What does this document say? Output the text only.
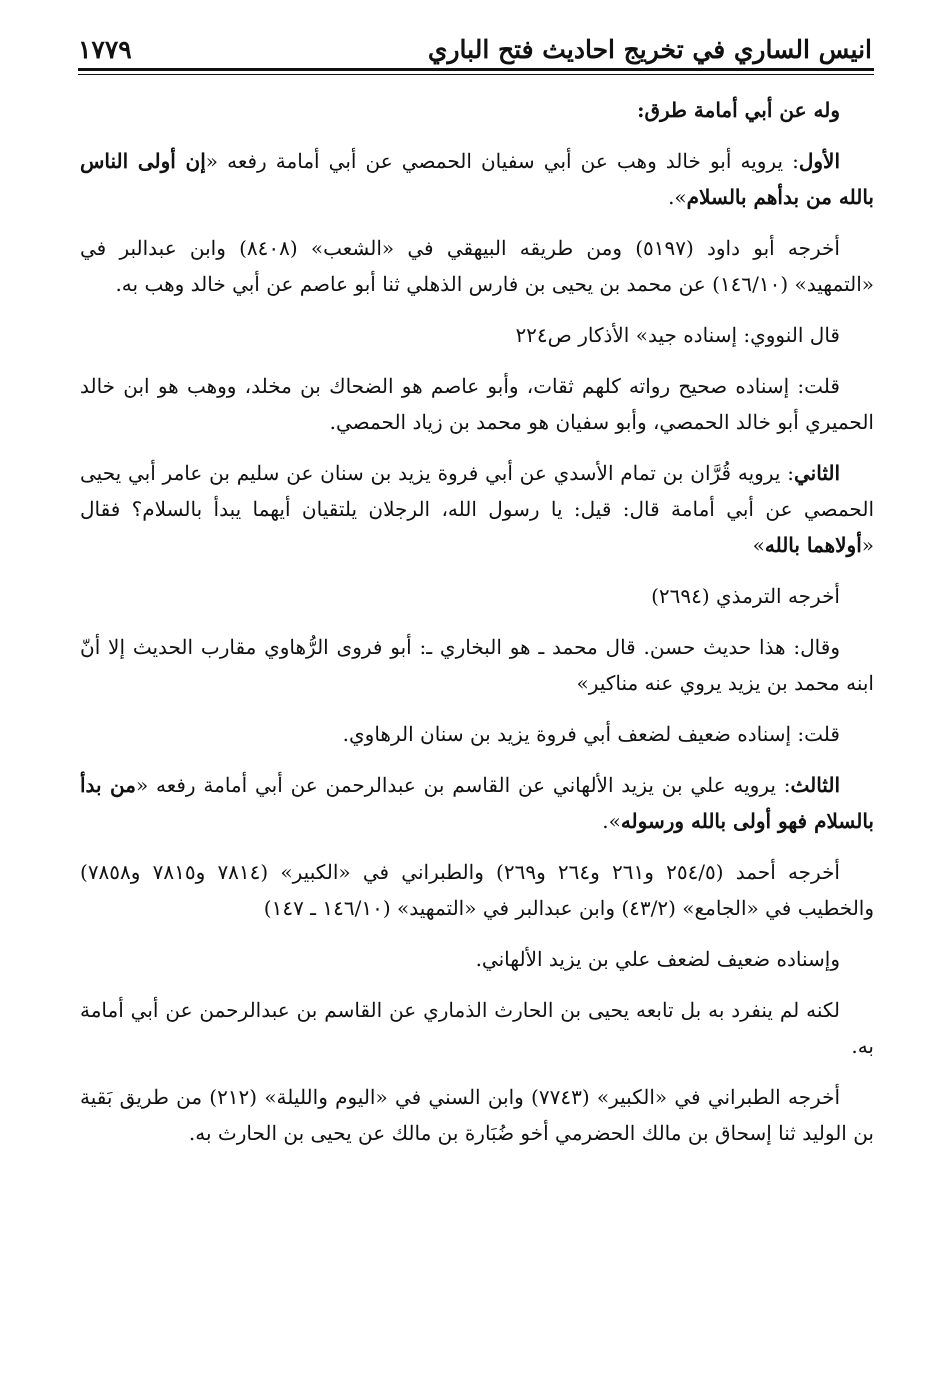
انيس الساري في تخريج احاديث فتح الباري
١٧٧٩

وله عن أبي أمامة طرق:

الأول: يرويه أبو خالد وهب عن أبي سفيان الحمصي عن أبي أمامة رفعه «إن أولى الناس بالله من بدأهم بالسلام».

أخرجه أبو داود (٥١٩٧) ومن طريقه البيهقي في «الشعب» (٨٤٠٨) وابن عبدالبر في «التمهيد» (١٤٦/١٠) عن محمد بن يحيى بن فارس الذهلي ثنا أبو عاصم عن أبي خالد وهب به.

قال النووي: إسناده جيد» الأذكار ص٢٢٤

قلت: إسناده صحيح رواته كلهم ثقات، وأبو عاصم هو الضحاك بن مخلد، ووهب هو ابن خالد الحميري أبو خالد الحمصي، وأبو سفيان هو محمد بن زياد الحمصي.

الثاني: يرويه قُرَّان بن تمام الأسدي عن أبي فروة يزيد بن سنان عن سليم بن عامر أبي يحيى الحمصي عن أبي أمامة قال: قيل: يا رسول الله، الرجلان يلتقيان أيهما يبدأ بالسلام؟ فقال «أولاهما بالله»

أخرجه الترمذي (٢٦٩٤)

وقال: هذا حديث حسن. قال محمد ـ هو البخاري ـ: أبو فروى الرُّهاوي مقارب الحديث إلا أنّ ابنه محمد بن يزيد يروي عنه مناكير»

قلت: إسناده ضعيف لضعف أبي فروة يزيد بن سنان الرهاوي.

الثالث: يرويه علي بن يزيد الألهاني عن القاسم بن عبدالرحمن عن أبي أمامة رفعه «من بدأ بالسلام فهو أولى بالله ورسوله».

أخرجه أحمد (٢٥٤/٥ و٢٦١ و٢٦٤ و٢٦٩) والطبراني في «الكبير» (٧٨١٤ و٧٨١٥ و٧٨٥٨) والخطيب في «الجامع» (٤٣/٢) وابن عبدالبر في «التمهيد» (١٤٦/١٠ ـ ١٤٧)

وإسناده ضعيف لضعف علي بن يزيد الألهاني.

لكنه لم ينفرد به بل تابعه يحيى بن الحارث الذماري عن القاسم بن عبدالرحمن عن أبي أمامة به.

أخرجه الطبراني في «الكبير» (٧٧٤٣) وابن السني في «اليوم والليلة» (٢١٢) من طريق بَقية بن الوليد ثنا إسحاق بن مالك الحضرمي أخو ضُبَارة بن مالك عن يحيى بن الحارث به.
